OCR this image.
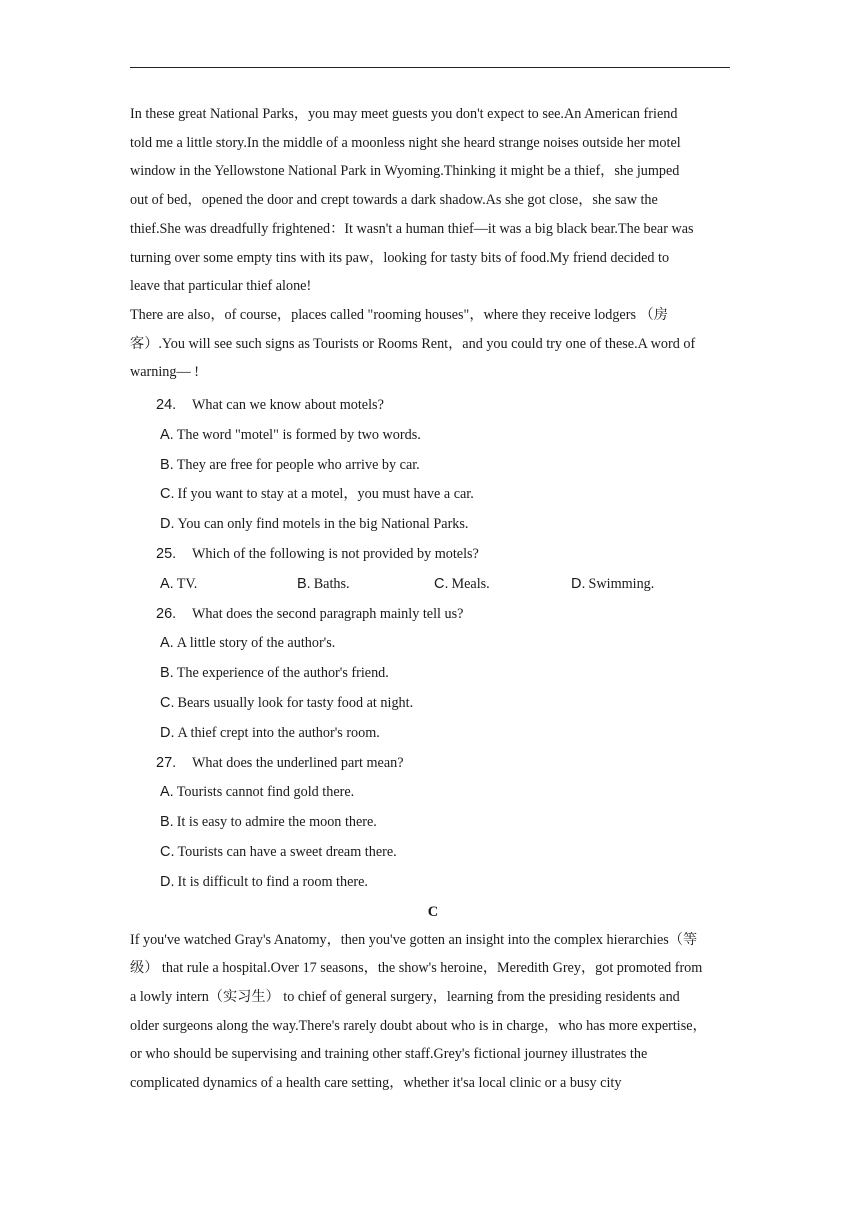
In these great National Parks，you may meet guests you don't expect to see.An American friend
told me a little story.In the middle of a moonless night she heard strange noises outside her motel
window in the Yellowstone National Park in Wyoming.Thinking it might be a thief，she jumped
out of bed，opened the door and crept towards a dark shadow.As she got close，she saw the
thief.She was dreadfully frightened：It wasn't a human thief—it was a big black bear.The bear was
turning over some empty tins with its paw，looking for tasty bits of food.My friend decided to
leave that particular thief alone!
There are also，of course，places called "rooming houses"，where they receive lodgers （房
客）.You will see such signs as Tourists or Rooms Rent，and you could try one of these.A word of
warning— !
24. What can we know about motels?
A. The word "motel" is formed by two words.
B. They are free for people who arrive by car.
C. If you want to stay at a motel，you must have a car.
D. You can only find motels in the big National Parks.
25. Which of the following is not provided by motels?
A. TV.	B. Baths.	C. Meals.	D. Swimming.
26. What does the second paragraph mainly tell us?
A. A little story of the author's.
B. The experience of the author's friend.
C. Bears usually look for tasty food at night.
D. A thief crept into the author's room.
27. What does the underlined part mean?
A. Tourists cannot find gold there.
B. It is easy to admire the moon there.
C. Tourists can have a sweet dream there.
D. It is difficult to find a room there.
C
If you've watched Gray's Anatomy，then you've gotten an insight into the complex hierarchies（等
级） that rule a hospital.Over 17 seasons，the show's heroine，Meredith Grey，got promoted from
a lowly intern（实习生） to chief of general surgery，learning from the presiding residents and
older surgeons along the way.There's rarely doubt about who is in charge，who has more expertise，
or who should be supervising and training other staff.Grey's fictional journey illustrates the
complicated dynamics of a health care setting，whether it'sa local clinic or a busy city
